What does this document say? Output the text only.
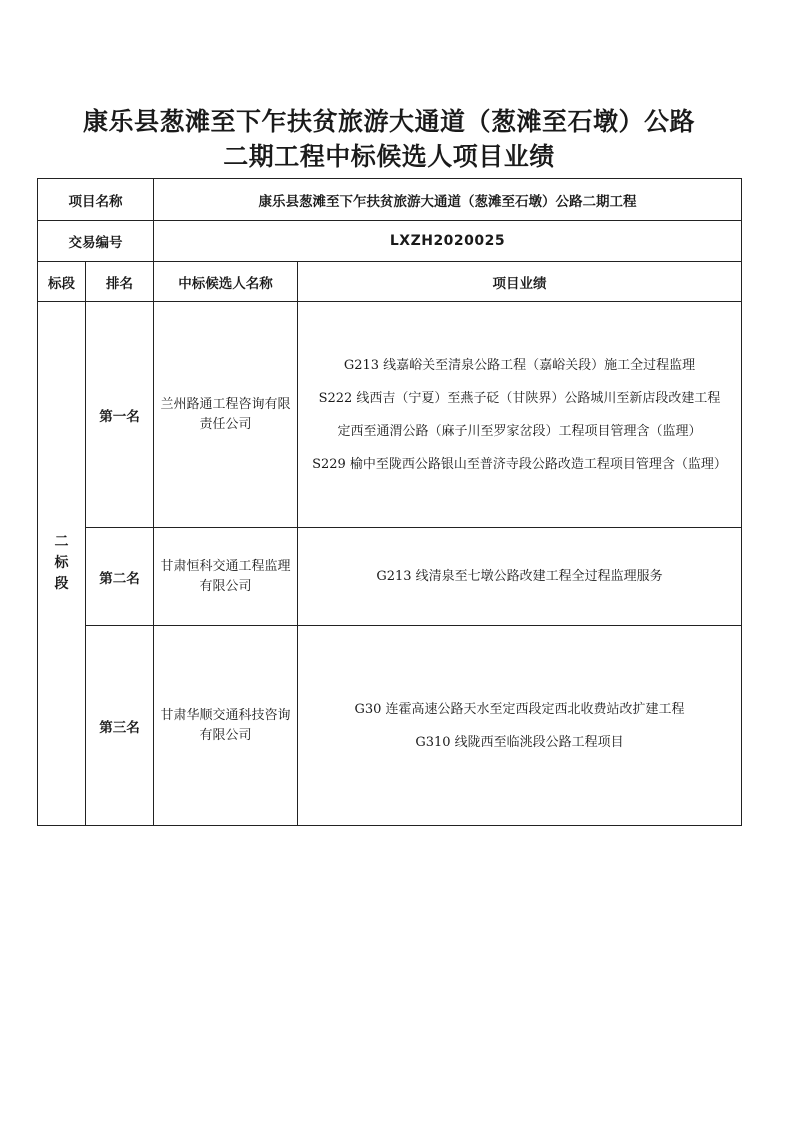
康乐县葱滩至下乍扶贫旅游大通道（葱滩至石墩）公路
二期工程中标候选人项目业绩
项目名称		康乐县葱滩至下乍扶贫旅游大通道（葱滩至石墩）公路二期工程	
交易编号		LXZH2020025	
标段	排名	中标候选人名称	项目业绩
二标段	第一名	兰州路通工程咨询有限责任公司	G213 线嘉峪关至清泉公路工程（嘉峪关段）施工全过程监理

S222 线西吉（宁夏）至燕子砭（甘陕界）公路城川至新店段改建工程

定西至通渭公路（麻子川至罗家岔段）工程项目管理含（监理）

S229 榆中至陇西公路银山至普济寺段公路改造工程项目管理含（监理）

	第二名	甘肃恒科交通工程监理有限公司	G213 线清泉至七墩公路改建工程全过程监理服务

	第三名	甘肃华顺交通科技咨询有限公司	G30 连霍高速公路天水至定西段定西北收费站改扩建工程

G310 线陇西至临洮段公路工程项目
